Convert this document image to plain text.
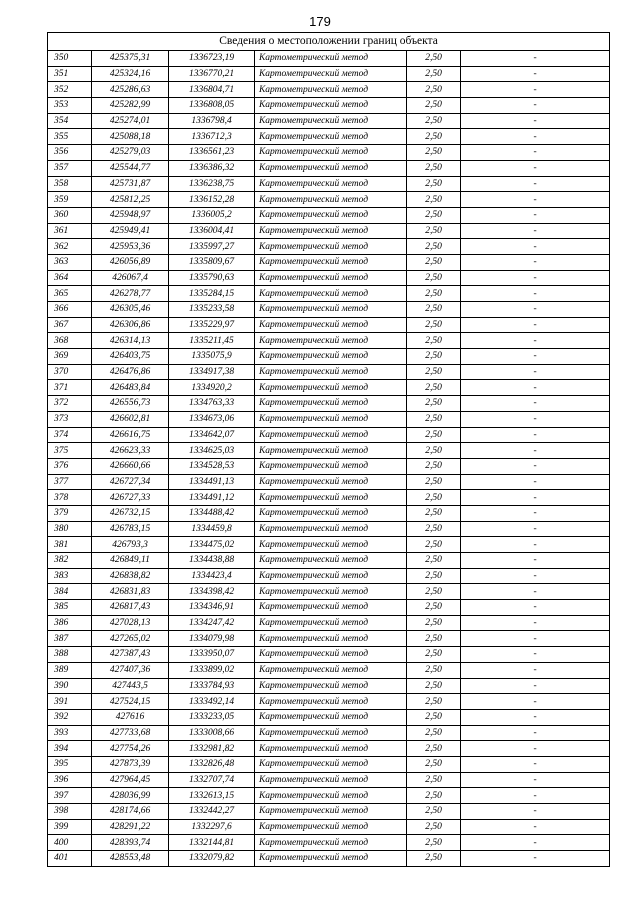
179
Сведения о местоположении границ объекта					
350	425375,31	1336723,19	Картометрический метод	2,50	-
351	425324,16	1336770,21	Картометрический метод	2,50	-
352	425286,63	1336804,71	Картометрический метод	2,50	-
353	425282,99	1336808,05	Картометрический метод	2,50	-
354	425274,01	1336798,4	Картометрический метод	2,50	-
355	425088,18	1336712,3	Картометрический метод	2,50	-
356	425279,03	1336561,23	Картометрический метод	2,50	-
357	425544,77	1336386,32	Картометрический метод	2,50	-
358	425731,87	1336238,75	Картометрический метод	2,50	-
359	425812,25	1336152,28	Картометрический метод	2,50	-
360	425948,97	1336005,2	Картометрический метод	2,50	-
361	425949,41	1336004,41	Картометрический метод	2,50	-
362	425953,36	1335997,27	Картометрический метод	2,50	-
363	426056,89	1335809,67	Картометрический метод	2,50	-
364	426067,4	1335790,63	Картометрический метод	2,50	-
365	426278,77	1335284,15	Картометрический метод	2,50	-
366	426305,46	1335233,58	Картометрический метод	2,50	-
367	426306,86	1335229,97	Картометрический метод	2,50	-
368	426314,13	1335211,45	Картометрический метод	2,50	-
369	426403,75	1335075,9	Картометрический метод	2,50	-
370	426476,86	1334917,38	Картометрический метод	2,50	-
371	426483,84	1334920,2	Картометрический метод	2,50	-
372	426556,73	1334763,33	Картометрический метод	2,50	-
373	426602,81	1334673,06	Картометрический метод	2,50	-
374	426616,75	1334642,07	Картометрический метод	2,50	-
375	426623,33	1334625,03	Картометрический метод	2,50	-
376	426660,66	1334528,53	Картометрический метод	2,50	-
377	426727,34	1334491,13	Картометрический метод	2,50	-
378	426727,33	1334491,12	Картометрический метод	2,50	-
379	426732,15	1334488,42	Картометрический метод	2,50	-
380	426783,15	1334459,8	Картометрический метод	2,50	-
381	426793,3	1334475,02	Картометрический метод	2,50	-
382	426849,11	1334438,88	Картометрический метод	2,50	-
383	426838,82	1334423,4	Картометрический метод	2,50	-
384	426831,83	1334398,42	Картометрический метод	2,50	-
385	426817,43	1334346,91	Картометрический метод	2,50	-
386	427028,13	1334247,42	Картометрический метод	2,50	-
387	427265,02	1334079,98	Картометрический метод	2,50	-
388	427387,43	1333950,07	Картометрический метод	2,50	-
389	427407,36	1333899,02	Картометрический метод	2,50	-
390	427443,5	1333784,93	Картометрический метод	2,50	-
391	427524,15	1333492,14	Картометрический метод	2,50	-
392	427616	1333233,05	Картометрический метод	2,50	-
393	427733,68	1333008,66	Картометрический метод	2,50	-
394	427754,26	1332981,82	Картометрический метод	2,50	-
395	427873,39	1332826,48	Картометрический метод	2,50	-
396	427964,45	1332707,74	Картометрический метод	2,50	-
397	428036,99	1332613,15	Картометрический метод	2,50	-
398	428174,66	1332442,27	Картометрический метод	2,50	-
399	428291,22	1332297,6	Картометрический метод	2,50	-
400	428393,74	1332144,81	Картометрический метод	2,50	-
401	428553,48	1332079,82	Картометрический метод	2,50	-
